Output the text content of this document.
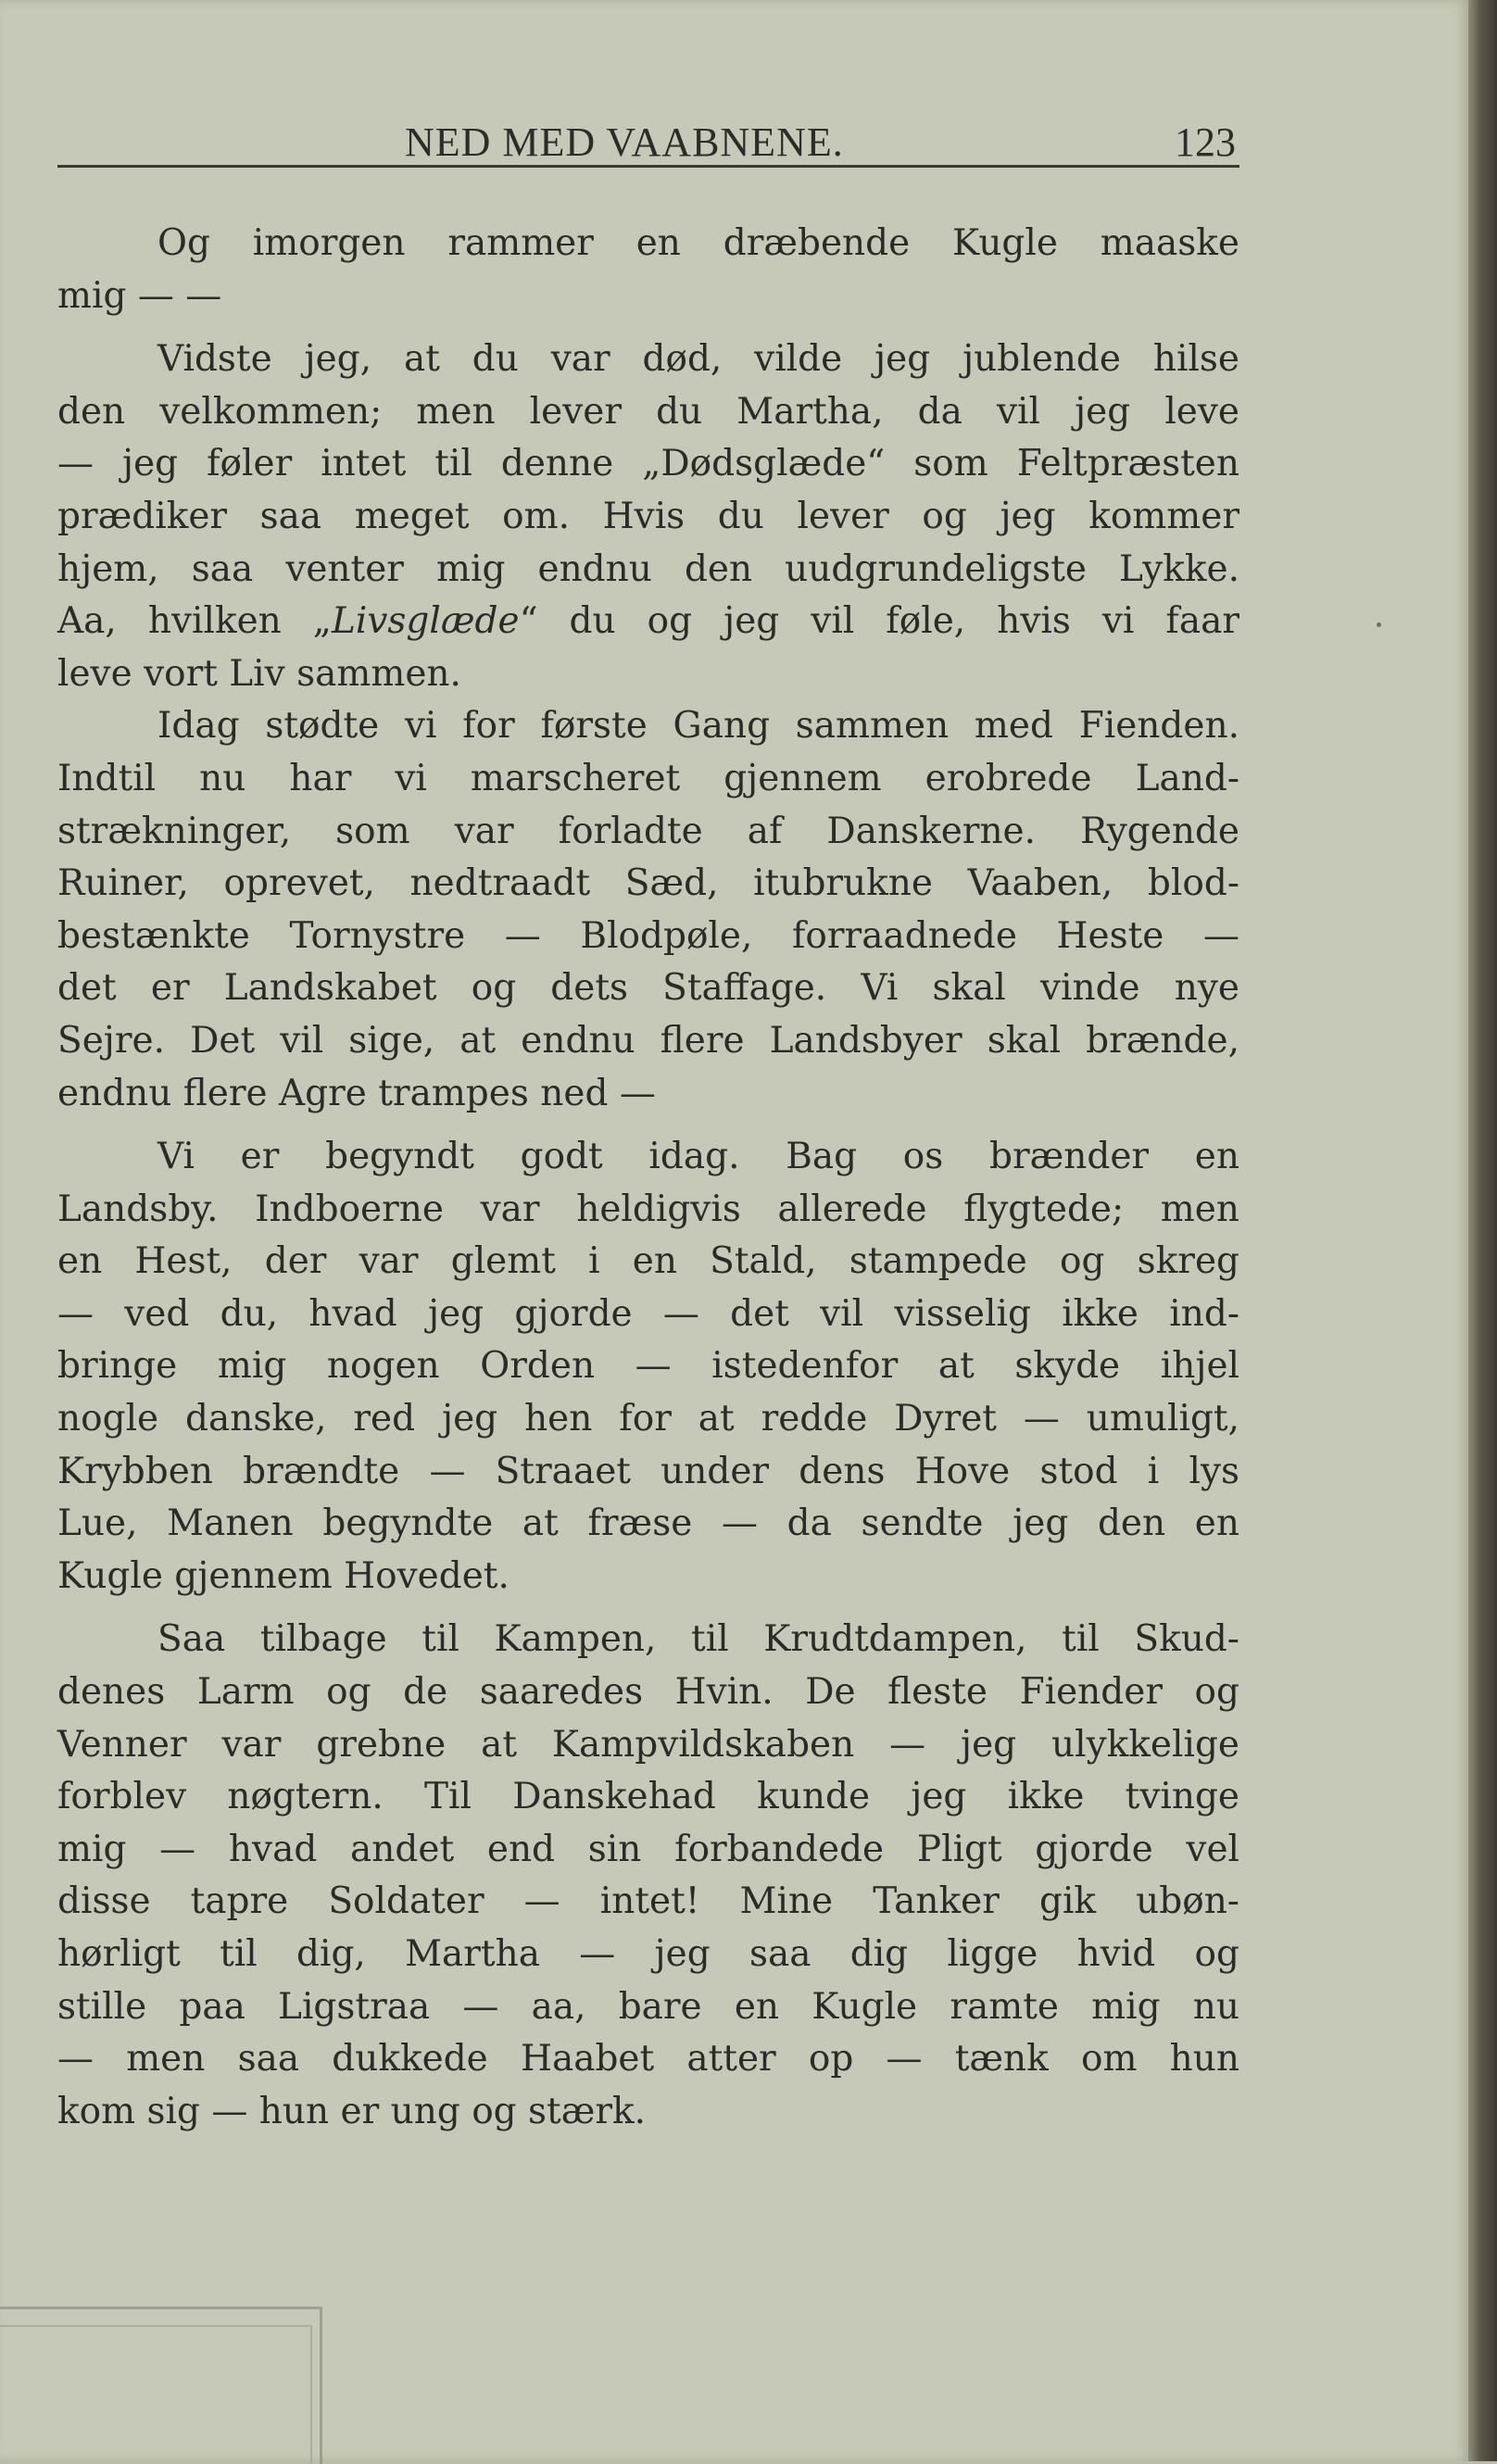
NED MED VAABNENE.	123
Og imorgen rammer en dræbende Kugle maaske
mig — —
Vidste jeg, at du var død, vilde jeg jublende hilse
den velkommen; men lever du Martha, da vil jeg leve
— jeg føler intet til denne „Dødsglæde“ som Feltpræsten
prædiker saa meget om. Hvis du lever og jeg kommer
hjem, saa venter mig endnu den uudgrundeligste Lykke.
Aa, hvilken „Livsglæde“ du og jeg vil føle, hvis vi faar
leve vort Liv sammen.
Idag stødte vi for første Gang sammen med Fienden.
Indtil nu har vi marscheret gjennem erobrede Land-
strækninger, som var forladte af Danskerne. Rygende
Ruiner, oprevet, nedtraadt Sæd, itubrukne Vaaben, blod-
bestænkte Tornystre — Blodpøle, forraadnede Heste —
det er Landskabet og dets Staffage. Vi skal vinde nye
Sejre. Det vil sige, at endnu flere Landsbyer skal brænde,
endnu flere Agre trampes ned —
Vi er begyndt godt idag. Bag os brænder en
Landsby. Indboerne var heldigvis allerede flygtede; men
en Hest, der var glemt i en Stald, stampede og skreg
— ved du, hvad jeg gjorde — det vil visselig ikke ind-
bringe mig nogen Orden — istedenfor at skyde ihjel
nogle danske, red jeg hen for at redde Dyret — umuligt,
Krybben brændte — Straaet under dens Hove stod i lys
Lue, Manen begyndte at fræse — da sendte jeg den en
Kugle gjennem Hovedet.
Saa tilbage til Kampen, til Krudtdampen, til Skud-
denes Larm og de saaredes Hvin. De fleste Fiender og
Venner var grebne at Kampvildskaben — jeg ulykkelige
forblev nøgtern. Til Danskehad kunde jeg ikke tvinge
mig — hvad andet end sin forbandede Pligt gjorde vel
disse tapre Soldater — intet! Mine Tanker gik ubøn-
hørligt til dig, Martha — jeg saa dig ligge hvid og
stille paa Ligstraa — aa, bare en Kugle ramte mig nu
— men saa dukkede Haabet atter op — tænk om hun
kom sig — hun er ung og stærk.
